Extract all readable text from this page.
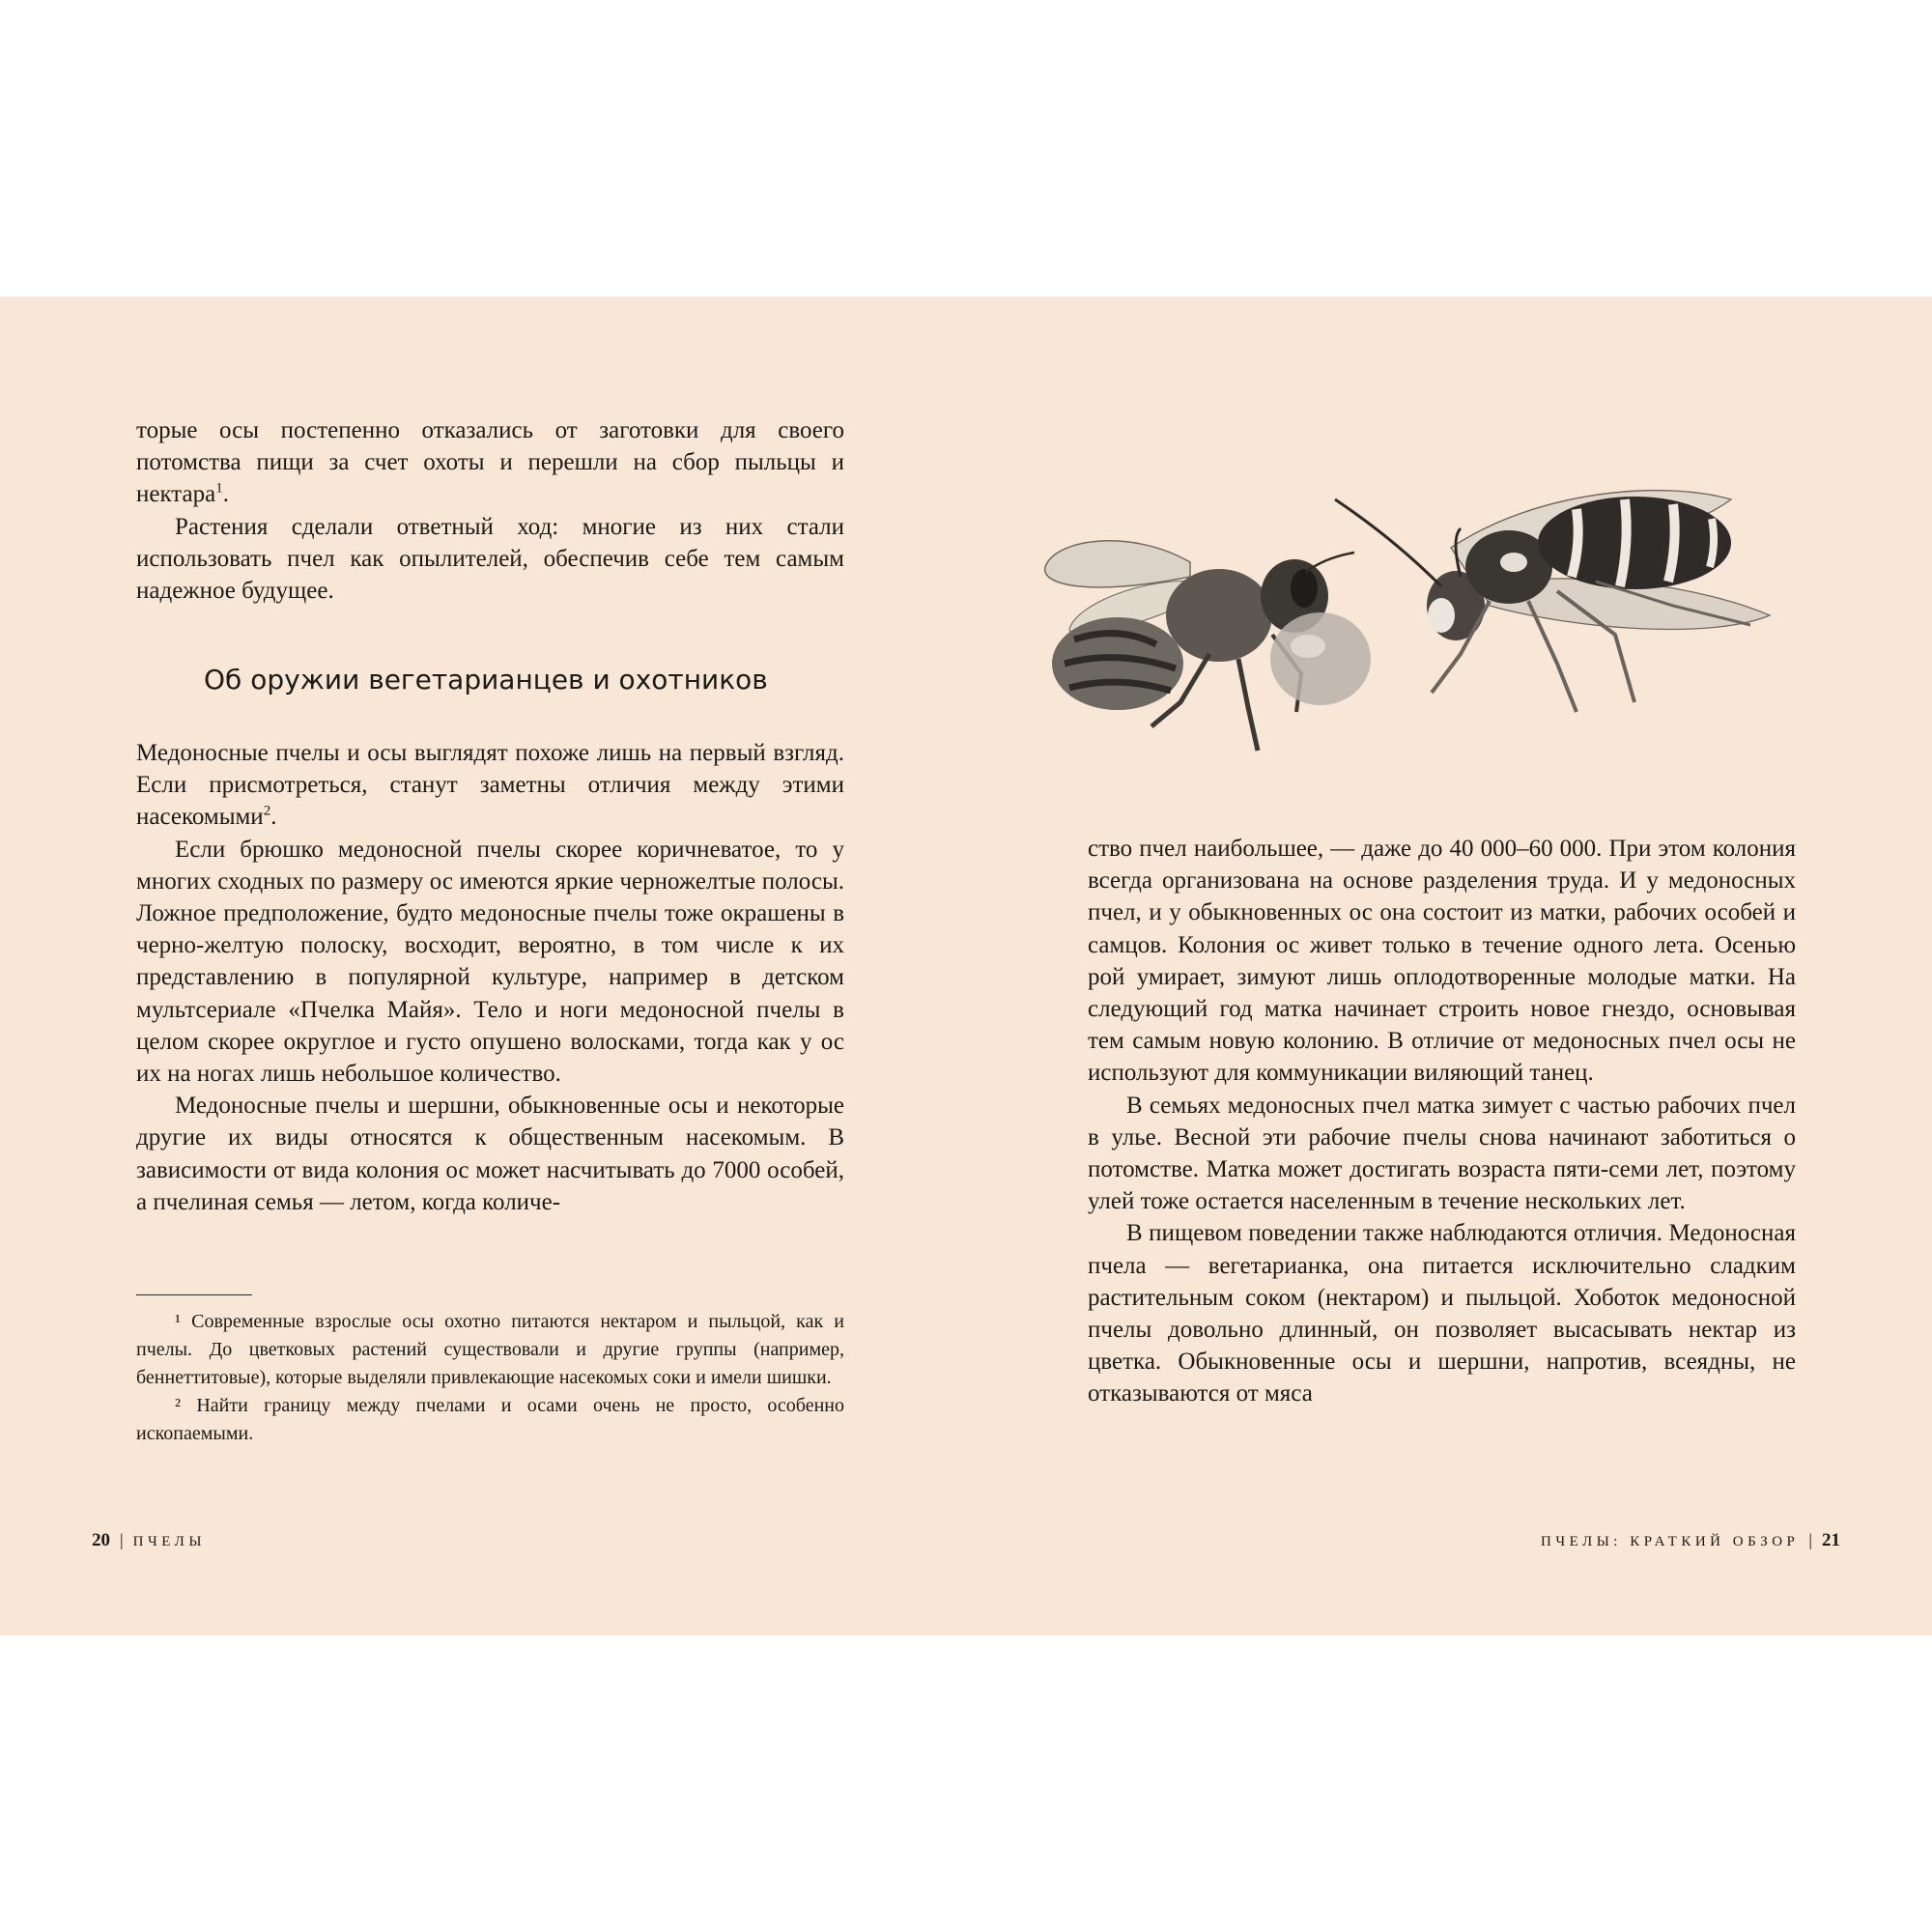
торые осы постепенно отказались от заготовки для своего потомства пищи за счет охоты и перешли на сбор пыльцы и нектара$^1$.

Растения сделали ответный ход: многие из них стали использовать пчел как опылителей, обеспечив себе тем самым надежное будущее.

Об оружии вегетарианцев и охотников

Медоносные пчелы и осы выглядят похоже лишь на первый взгляд. Если присмотреться, станут заметны отличия между этими насекомыми$^2$.

Если брюшко медоносной пчелы скорее коричневатое, то у многих сходных по размеру ос имеются яркие черножелтые полосы. Ложное предположение, будто медоносные пчелы тоже окрашены в черно-желтую полоску, восходит, вероятно, в том числе к их представлению в популярной культуре, например в детском мультсериале «Пчелка Майя». Тело и ноги медоносной пчелы в целом скорее округлое и густо опушено волосками, тогда как у ос их на ногах лишь небольшое количество.

Медоносные пчелы и шершни, обыкновенные осы и некоторые другие их виды относятся к общественным насекомым. В зависимости от вида колония ос может насчитывать до 7000 особей, а пчелиная семья — летом, когда количе-

¹ Современные взрослые осы охотно питаются нектаром и пыльцой, как и пчелы. До цветковых растений существовали и другие группы (например, беннеттитовые), которые выделяли привлекающие насекомых соки и имели шишки.

² Найти границу между пчелами и осами очень не просто, особенно ископаемыми.

20 | ПЧЕЛЫ

ство пчел наибольшее, — даже до 40 000–60 000. При этом колония всегда организована на основе разделения труда. И у медоносных пчел, и у обыкновенных ос она состоит из матки, рабочих особей и самцов. Колония ос живет только в течение одного лета. Осенью рой умирает, зимуют лишь оплодотворенные молодые матки. На следующий год матка начинает строить новое гнездо, основывая тем самым новую колонию. В отличие от медоносных пчел осы не используют для коммуникации виляющий танец.

В семьях медоносных пчел матка зимует с частью рабочих пчел в улье. Весной эти рабочие пчелы снова начинают заботиться о потомстве. Матка может достигать возраста пяти-семи лет, поэтому улей тоже остается населенным в течение нескольких лет.

В пищевом поведении также наблюдаются отличия. Медоносная пчела — вегетарианка, она питается исключительно сладким растительным соком (нектаром) и пыльцой. Хоботок медоносной пчелы довольно длинный, он позволяет высасывать нектар из цветка. Обыкновенные осы и шершни, напротив, всеядны, не отказываются от мяса

ПЧЕЛЫ: КРАТКИЙ ОБЗОР | 21
